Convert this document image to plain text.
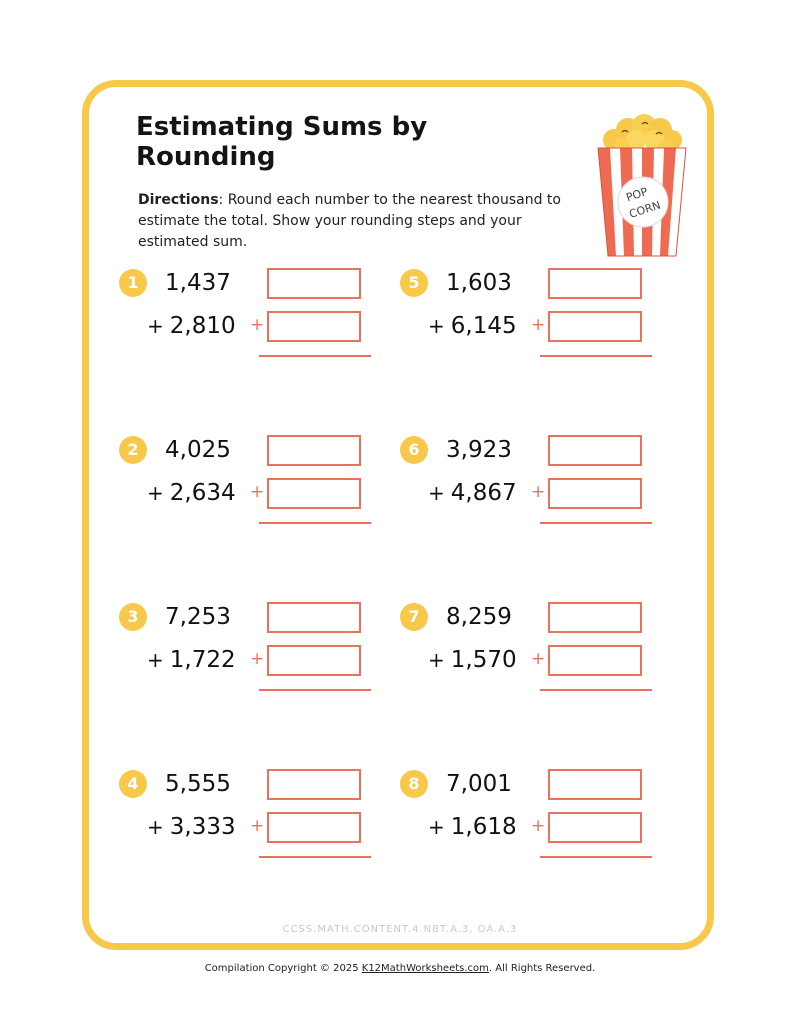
Estimating Sums by Rounding

Directions: Round each number to the nearest thousand to estimate the total. Show your rounding steps and your estimated sum.

POP
CORN
1	1,437
+ 2,810 +
2	4,025
+ 2,634 +
3	7,253
+ 1,722 +
4	5,555
+ 3,333 +
5	1,603
+ 6,145 +
6	3,923
+ 4,867 +
7	8,259
+ 1,570 +
8	7,001
+ 1,618 +
CCSS.MATH.CONTENT.4.NBT.A.3, OA.A.3
Compilation Copyright © 2025 K12MathWorksheets.com. All Rights Reserved.
